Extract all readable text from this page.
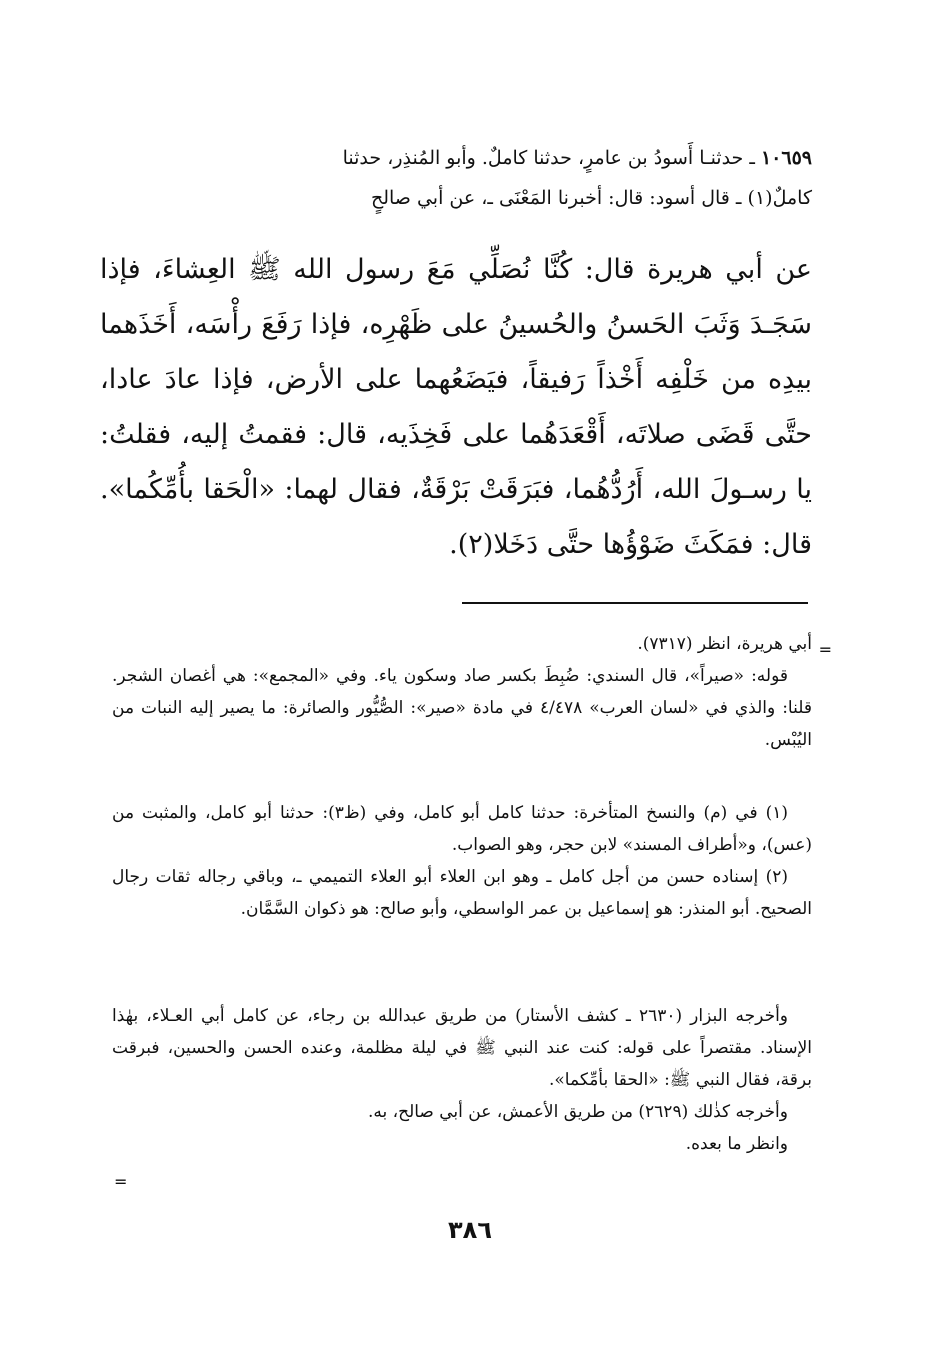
١٠٦٥٩ ـ حدثنـا أَسودُ بن عامرٍ، حدثنا كاملٌ. وأبو المُنذِر، حدثنا
كاملٌ(١) ـ قال أسود: قال: أخبرنا المَعْنَى ـ، عن أبي صالحٍ
عن أبي هريرة قال: كُنَّا نُصَلِّي مَعَ رسول الله ﷺ العِشاءَ، فإذا سَجَـدَ وَثَبَ الحَسنُ والحُسينُ على ظَهْرِه، فإذا رَفَعَ رأْسَه، أَخَذَهما بيدِه من خَلْفِه أَخْذاً رَفيقاً، فيَضَعُهما على الأرض، فإذا عادَ عادا، حتَّى قَضَى صلاتَه، أَقْعَدَهُما على فَخِذَيه، قال: فقمتُ إليه، فقلتُ: يا رسـولَ الله، أَرُدُّهُما، فبَرَقَتْ بَرْقَةٌ، فقال لهما: «الْحَقا بأُمِّكُما». قال: فمَكَثَ ضَوْؤُها حتَّى دَخَلا(٢).
=

أبي هريرة، انظر (٧٣١٧).

قوله: «صيراً»، قال السندي: ضُبِطَ بكسر صاد وسكون ياء. وفي «المجمع»: هي أغصان الشجر. قلنا: والذي في «لسان العرب» ٤/٤٧٨ في مادة «صير»: الصُّيُّور والصائرة: ما يصير إليه النبات من اليُبْس.

(١) في (م) والنسخ المتأخرة: حدثنا كامل أبو كامل، وفي (ظ٣): حدثنا أبو كامل، والمثبت من (عس)، و«أطراف المسند» لابن حجر، وهو الصواب.

(٢) إسناده حسن من أجل كامل ـ وهو ابن العلاء أبو العلاء التميمي ـ، وباقي رجاله ثقات رجال الصحيح. أبو المنذر: هو إسماعيل بن عمر الواسطي، وأبو صالح: هو ذكوان السَّمَّان.

وأخرجه البزار (٢٦٣٠ ـ كشف الأستار) من طريق عبدالله بن رجاء، عن كامل أبي العـلاء، بهٰذا الإسناد. مقتصراً على قوله: كنت عند النبي ﷺ في ليلة مظلمة، وعنده الحسن والحسين، فبرقت برقة، فقال النبي ﷺ: «الحقا بأمِّكما».

وأخرجه كذٰلك (٢٦٢٩) من طريق الأعمش، عن أبي صالح، به.

وانظر ما بعده.

=
٣٨٦
